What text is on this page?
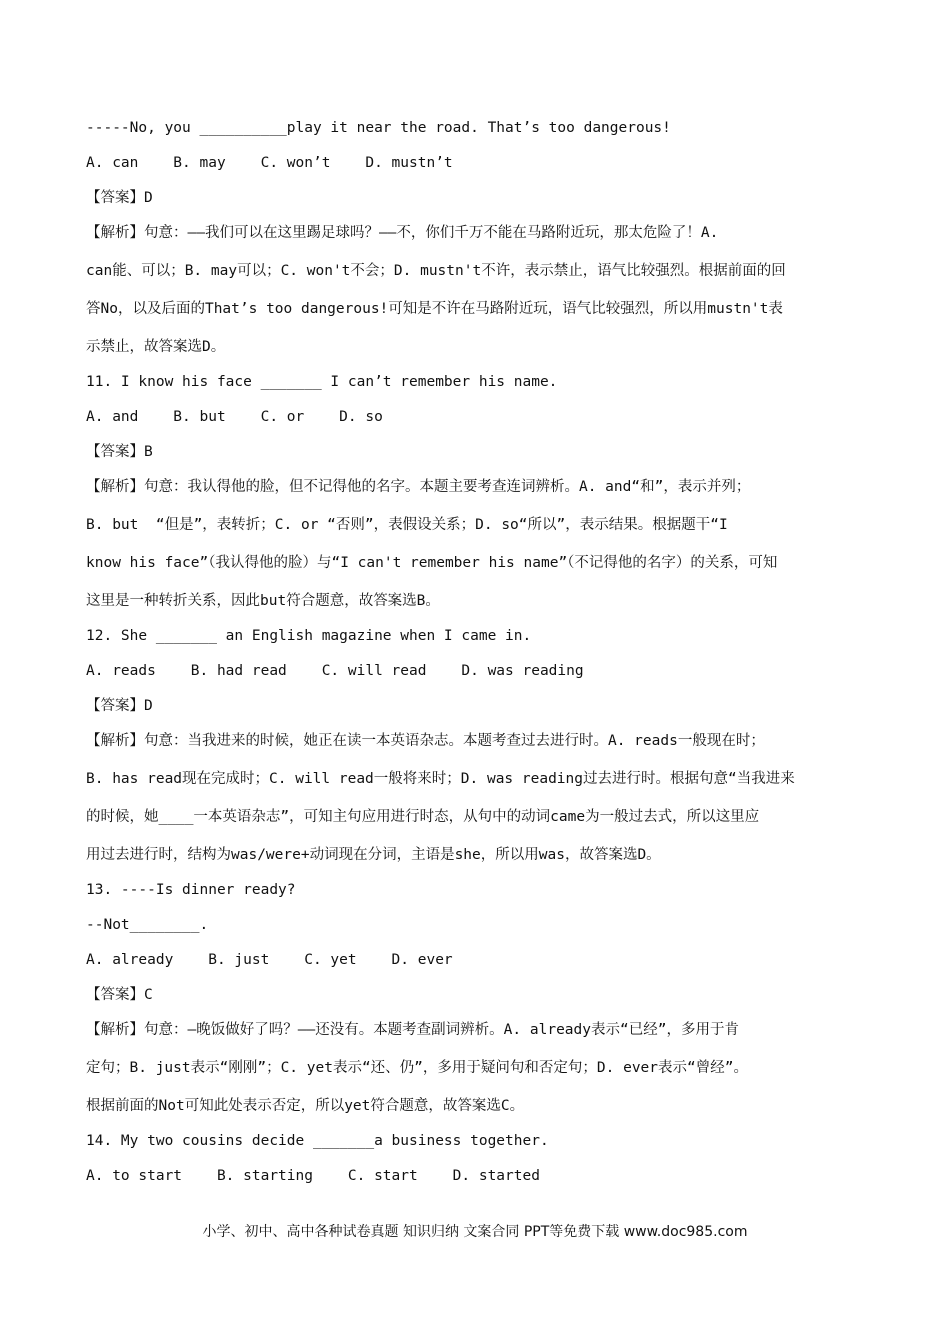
-----No, you __________play it near the road. That’s too dangerous!
A. can    B. may    C. won’t    D. mustn’t
【答案】D
【解析】句意：——我们可以在这里踢足球吗？——不，你们千万不能在马路附近玩，那太危险了！A.
can能、可以；B. may可以；C. won't不会；D. mustn't不许，表示禁止，语气比较强烈。根据前面的回
答No，以及后面的That’s too dangerous!可知是不许在马路附近玩，语气比较强烈，所以用mustn't表
示禁止，故答案选D。
11. I know his face _______ I can’t remember his name.
A. and    B. but    C. or    D. so
【答案】B
【解析】句意：我认得他的脸，但不记得他的名字。本题主要考查连词辨析。A. and“和”，表示并列；
B. but  “但是”，表转折；C. or “否则”，表假设关系；D. so“所以”，表示结果。根据题干“I
know his face”（我认得他的脸）与“I can't remember his name”（不记得他的名字）的关系，可知
这里是一种转折关系，因此but符合题意，故答案选B。
12. She _______ an English magazine when I came in.
A. reads    B. had read    C. will read    D. was reading
【答案】D
【解析】句意：当我进来的时候，她正在读一本英语杂志。本题考查过去进行时。A. reads一般现在时；
B. has read现在完成时；C. will read一般将来时；D. was reading过去进行时。根据句意“当我进来
的时候，她____一本英语杂志”，可知主句应用进行时态，从句中的动词came为一般过去式，所以这里应
用过去进行时，结构为was/were+动词现在分词，主语是she，所以用was，故答案选D。
13. ----Is dinner ready?
--Not________.
A. already    B. just    C. yet    D. ever
【答案】C
【解析】句意：—晚饭做好了吗？——还没有。本题考查副词辨析。A. already表示“已经”，多用于肯
定句；B. just表示“刚刚”；C. yet表示“还、仍”，多用于疑问句和否定句；D. ever表示“曾经”。
根据前面的Not可知此处表示否定，所以yet符合题意，故答案选C。
14. My two cousins decide _______a business together.
A. to start    B. starting    C. start    D. started
小学、初中、高中各种试卷真题 知识归纳 文案合同 PPT等免费下载 www.doc985.com
